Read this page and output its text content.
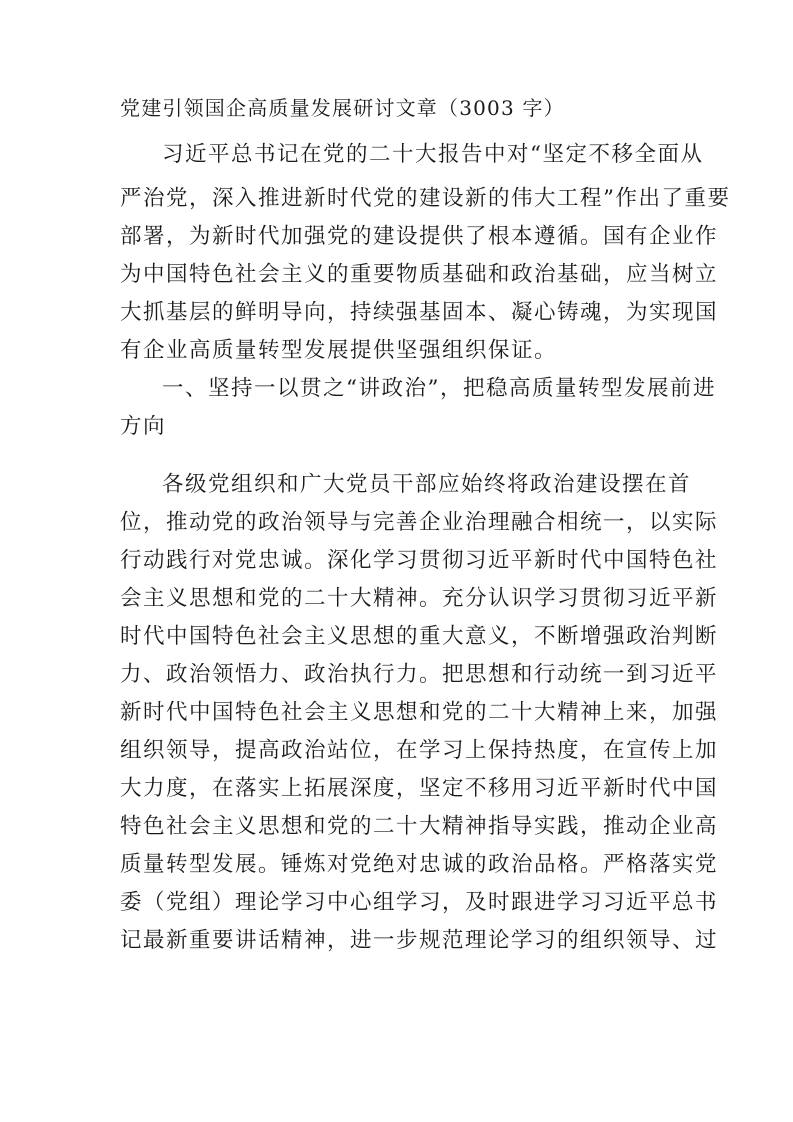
党建引领国企高质量发展研讨文章（3003 字）
习近平总书记在党的二十大报告中对“坚定不移全面从
严治党，深入推进新时代党的建设新的伟大工程”作出了重要
部署，为新时代加强党的建设提供了根本遵循。国有企业作
为中国特色社会主义的重要物质基础和政治基础，应当树立
大抓基层的鲜明导向，持续强基固本、凝心铸魂，为实现国
有企业高质量转型发展提供坚强组织保证。
一、坚持一以贯之“讲政治”，把稳高质量转型发展前进
方向
各级党组织和广大党员干部应始终将政治建设摆在首
位，推动党的政治领导与完善企业治理融合相统一，以实际
行动践行对党忠诚。深化学习贯彻习近平新时代中国特色社
会主义思想和党的二十大精神。充分认识学习贯彻习近平新
时代中国特色社会主义思想的重大意义，不断增强政治判断
力、政治领悟力、政治执行力。把思想和行动统一到习近平
新时代中国特色社会主义思想和党的二十大精神上来，加强
组织领导，提高政治站位，在学习上保持热度，在宣传上加
大力度，在落实上拓展深度，坚定不移用习近平新时代中国
特色社会主义思想和党的二十大精神指导实践，推动企业高
质量转型发展。锤炼对党绝对忠诚的政治品格。严格落实党
委（党组）理论学习中心组学习，及时跟进学习习近平总书
记最新重要讲话精神，进一步规范理论学习的组织领导、过
